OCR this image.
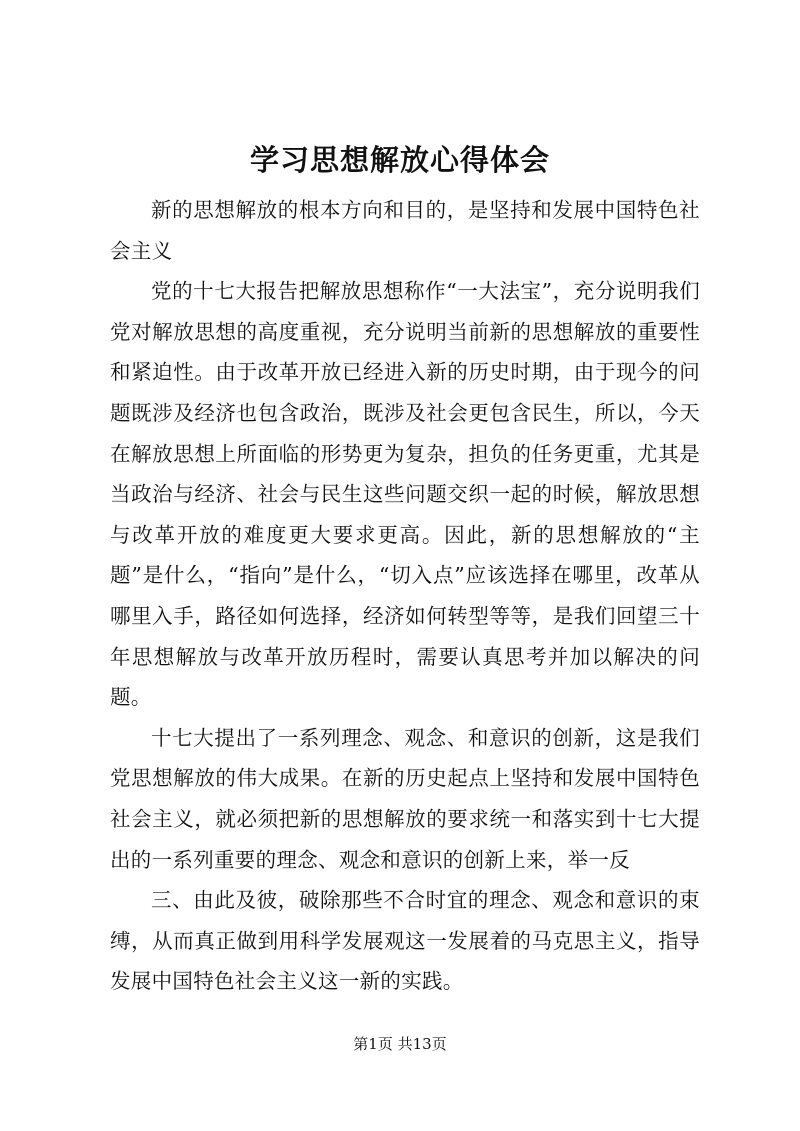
学习思想解放心得体会

新的思想解放的根本方向和目的，是坚持和发展中国特色社会主义

党的十七大报告把解放思想称作“一大法宝”，充分说明我们党对解放思想的高度重视，充分说明当前新的思想解放的重要性和紧迫性。由于改革开放已经进入新的历史时期，由于现今的问题既涉及经济也包含政治，既涉及社会更包含民生，所以，今天在解放思想上所面临的形势更为复杂，担负的任务更重，尤其是当政治与经济、社会与民生这些问题交织一起的时候，解放思想与改革开放的难度更大要求更高。因此，新的思想解放的“主题”是什么，“指向”是什么，“切入点”应该选择在哪里，改革从哪里入手，路径如何选择，经济如何转型等等，是我们回望三十年思想解放与改革开放历程时，需要认真思考并加以解决的问题。

十七大提出了一系列理念、观念、和意识的创新，这是我们党思想解放的伟大成果。在新的历史起点上坚持和发展中国特色社会主义，就必须把新的思想解放的要求统一和落实到十七大提出的一系列重要的理念、观念和意识的创新上来，举一反

三、由此及彼，破除那些不合时宜的理念、观念和意识的束缚，从而真正做到用科学发展观这一发展着的马克思主义，指导发展中国特色社会主义这一新的实践。

第1页 共13页
